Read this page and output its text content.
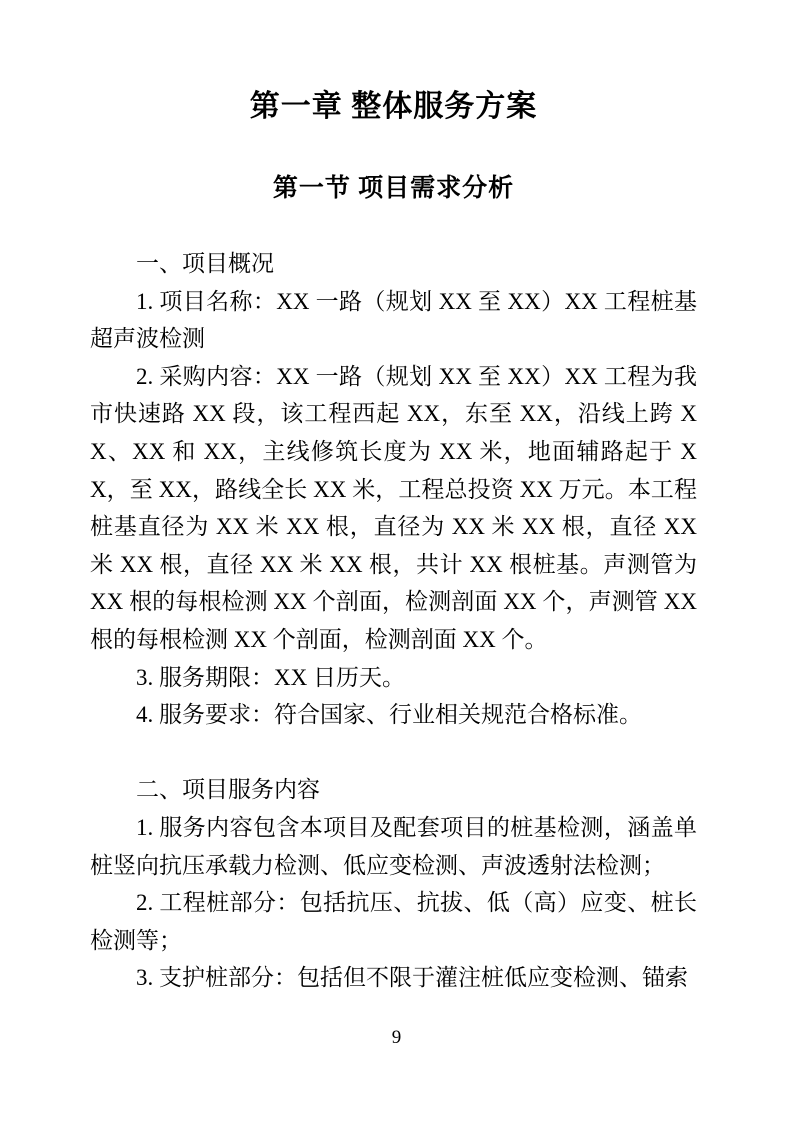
第一章 整体服务方案
第一节 项目需求分析

一、项目概况

1. 项目名称：XX 一路（规划 XX 至 XX）XX 工程桩基超声波检测

2. 采购内容：XX 一路（规划 XX 至 XX）XX 工程为我市快速路 XX 段，该工程西起 XX，东至 XX，沿线上跨 XX、XX 和 XX，主线修筑长度为 XX 米，地面辅路起于 XX，至 XX，路线全长 XX 米，工程总投资 XX 万元。本工程桩基直径为 XX 米 XX 根，直径为 XX 米 XX 根，直径 XX 米 XX 根，直径 XX 米 XX 根，共计 XX 根桩基。声测管为 XX 根的每根检测 XX 个剖面，检测剖面 XX 个，声测管 XX 根的每根检测 XX 个剖面，检测剖面 XX 个。

3. 服务期限：XX 日历天。

4. 服务要求：符合国家、行业相关规范合格标准。

二、项目服务内容

1. 服务内容包含本项目及配套项目的桩基检测，涵盖单桩竖向抗压承载力检测、低应变检测、声波透射法检测；

2. 工程桩部分：包括抗压、抗拔、低（高）应变、桩长检测等；

3. 支护桩部分：包括但不限于灌注桩低应变检测、锚索

9
